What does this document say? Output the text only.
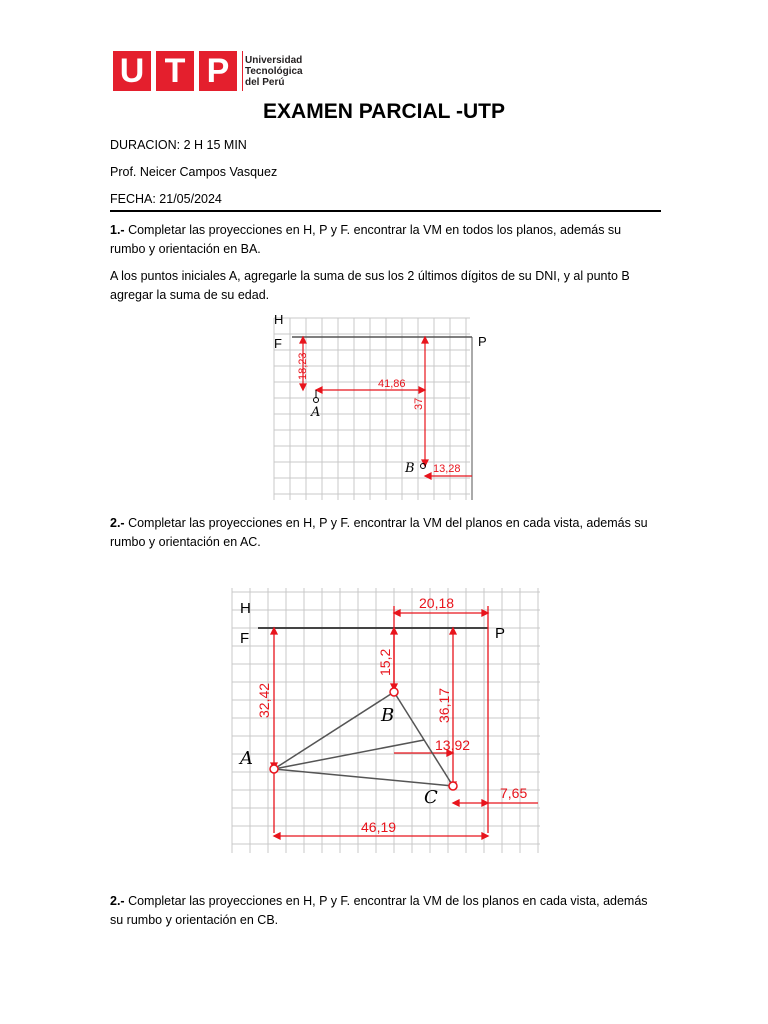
U T P	Universidad
Tecnológica
del Perú
EXAMEN PARCIAL -UTP
DURACION: 2 H 15 MIN
Prof. Neicer Campos Vasquez
FECHA: 21/05/2024
1.- Completar las proyecciones en H, P y F. encontrar la VM en todos los planos, además su rumbo y orientación en BA.
A los puntos iniciales A, agregarle la suma de sus los 2 últimos dígitos de su DNI, y al punto B agregar la suma de su edad.
H
F	P
18,23
41,86
37
13,28
A
B
2.- Completar las proyecciones en H, P y F. encontrar la VM del planos en cada vista, además su rumbo y orientación en AC.
H
F	P
20,18
15,2
32,42	36,17
13,92
7,65
46,19
A
B
C
2.- Completar las proyecciones en H, P y F. encontrar la VM de los planos en cada vista, además su rumbo y orientación en CB.
